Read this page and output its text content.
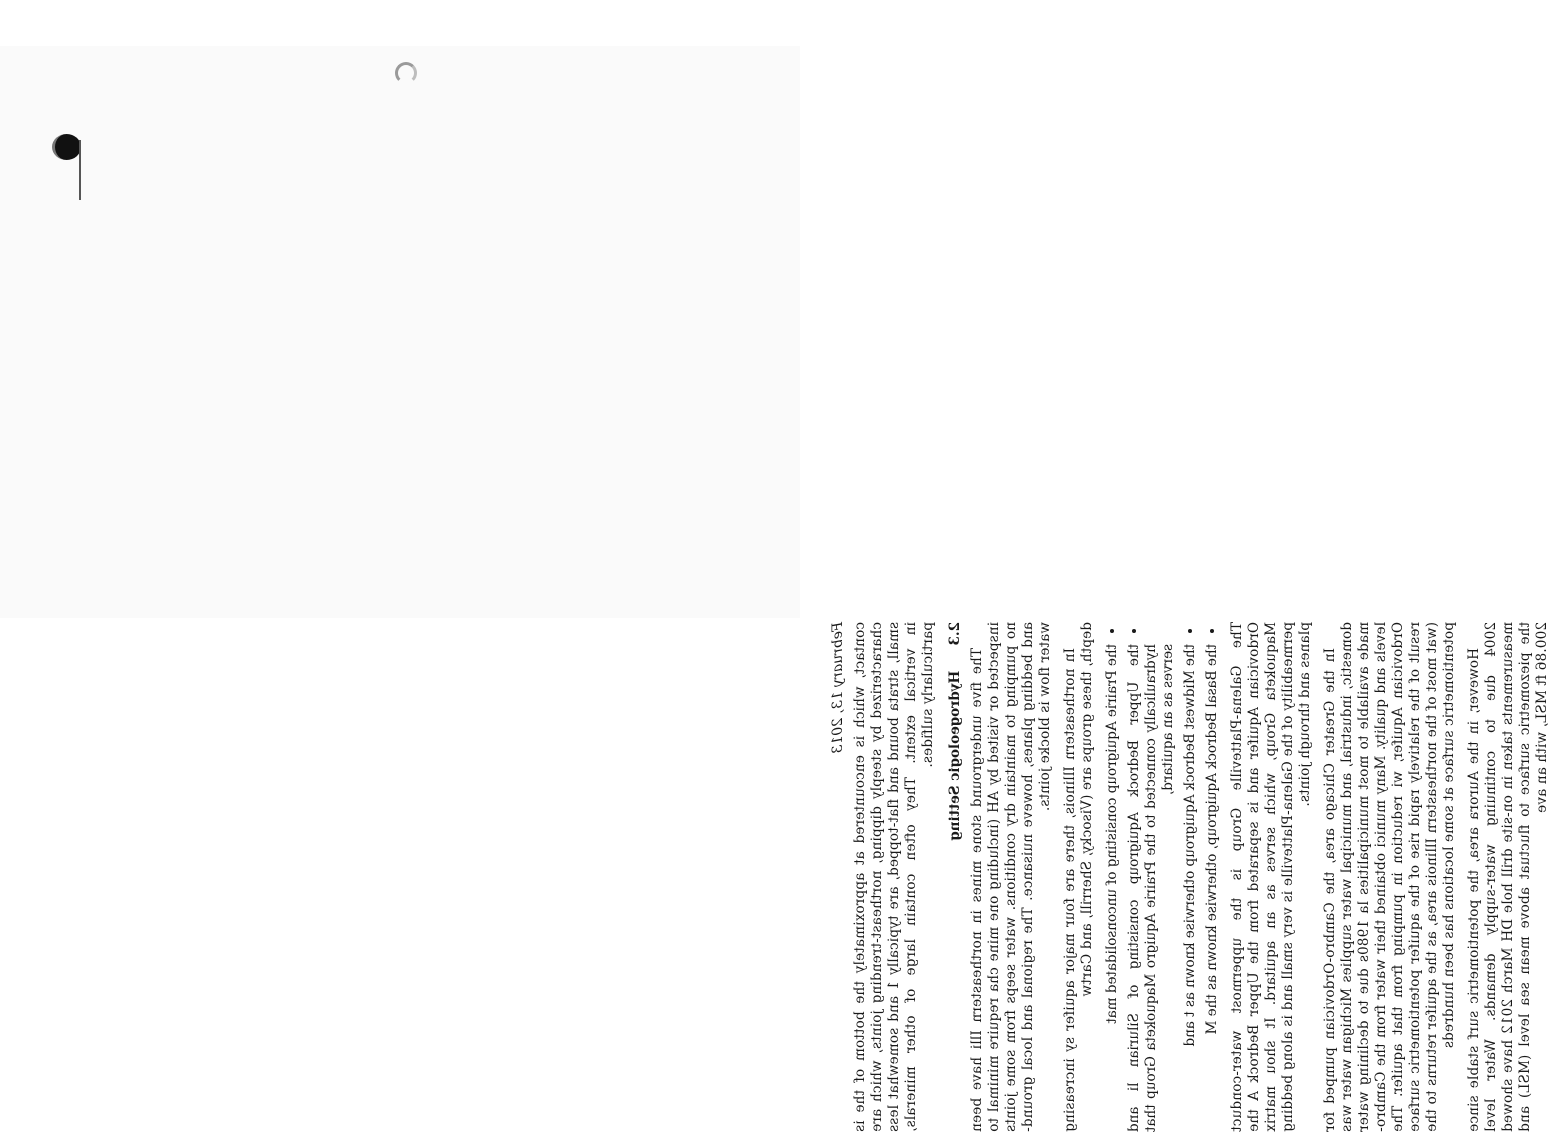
February 13, 2013 contact, which is encountered at approximately the bottom of the is characterized by steeply dipping, northeast-trending joints, which are small, strata bound and flat-topped, are typically 1 and somewhat less in vertical extent. They often contain large of other minerals, particularly sulfides. 2.3 Hydrogeologic Setting The five underground stone mines in northeastern Illi have been inspected or visited by AH (including one mine cha require minimal to no pumping to maintain dry conditions. water seeps from some joints and bedding planes, howeve nuisance. The regional and local ground-water flow is blocke joints. In northeastern Illinois, there are four major aquifer sy increasing depth, these groups are (Visocky, Sherrill, and Cartw • the Prairie Aquigroup consisting of unconsolidated mat • the Upper Bedrock Aquigroup consisting of Silurian li and hydraulically connected to the Prairie Aquigro Maquoketa Group that serves as an aquitard, • the Midwest Bedrock Aquigroup otherwise known as t and • the Basal Bedrock Aquigroup, otherwise known as the M The Galena-Platteville Group is the uppermost water-conduct Ordovician Aquifer and is separated from the Upper Bedrock A the Maquoketa Group, which serves as an aquitard. It shou matrix permeability of the Galena-Platteville is very small and is along bedding planes and through joints. In the Greater Chicago area, the Cambro-Ordovician pumped for domestic, industrial, and municipal water supplies Michigan water was made available to most municipalities la 1980s due to declining water levels and quality. Many munici obtained their water from the Cambro-Ordovician Aquifer, wi reduction in pumping from that aquifer. The result of the relatively rapid rise of the aquifer potentiometric surface (wat most of the northeastern Illinois area, as the aquifer returns to the potentiometric surface at some locations has been hundreds However, in the Aurora area, the potentiometric surf stable since 2004 due to continuing water-supply demands. Water level measurements taken in on-site drill hole DH March 2012 have showed the piezometric surface to fluctuat above mean sea level (MSL) and 200.86 ft MSL, with an ave
